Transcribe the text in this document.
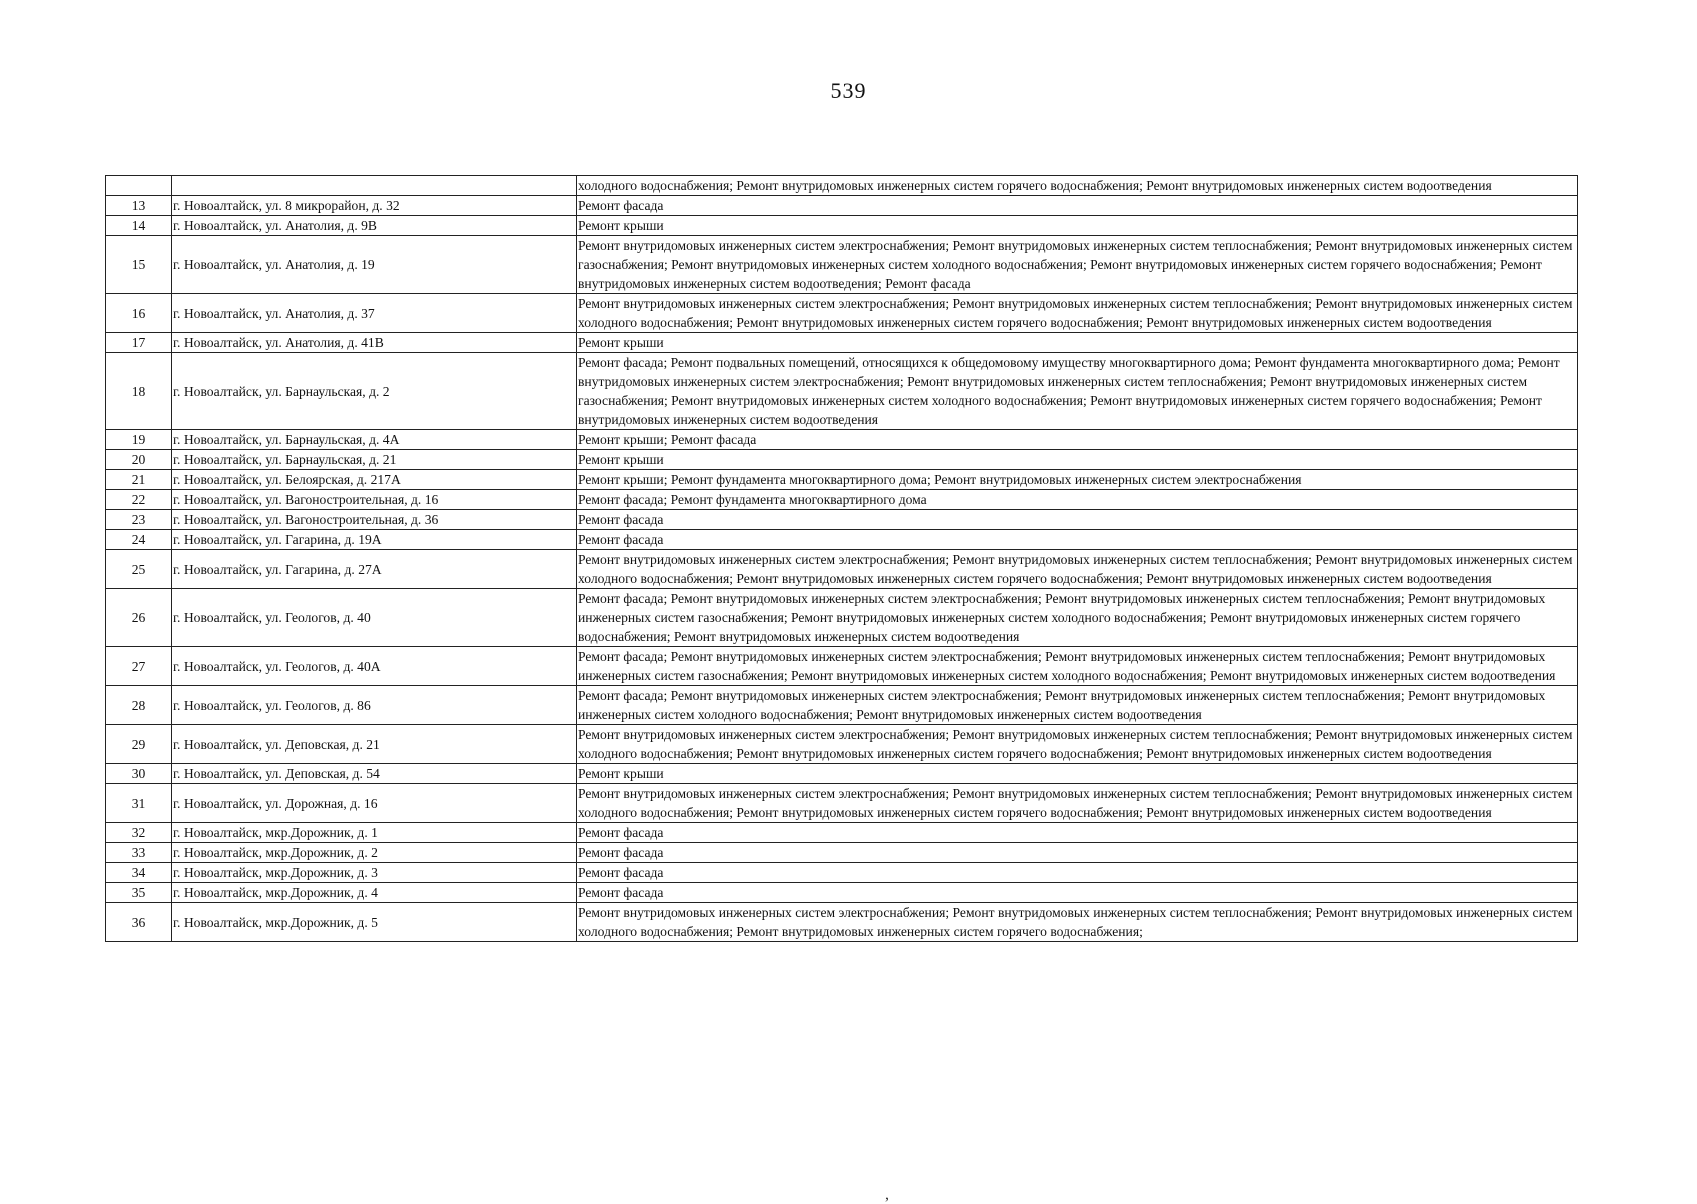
539
		холодного водоснабжения; Ремонт внутридомовых инженерных систем горячего водоснабжения; Ремонт внутридомовых инженерных систем водоотведения
13	г. Новоалтайск, ул. 8 микрорайон, д. 32	Ремонт фасада
14	г. Новоалтайск, ул. Анатолия, д. 9В	Ремонт крыши
15	г. Новоалтайск, ул. Анатолия, д. 19	Ремонт внутридомовых инженерных систем электроснабжения; Ремонт внутридомовых инженерных систем теплоснабжения; Ремонт внутридомовых инженерных систем газоснабжения; Ремонт внутридомовых инженерных систем холодного водоснабжения; Ремонт внутридомовых инженерных систем горячего водоснабжения; Ремонт внутридомовых инженерных систем водоотведения; Ремонт фасада
16	г. Новоалтайск, ул. Анатолия, д. 37	Ремонт внутридомовых инженерных систем электроснабжения; Ремонт внутридомовых инженерных систем теплоснабжения; Ремонт внутридомовых инженерных систем холодного водоснабжения; Ремонт внутридомовых инженерных систем горячего водоснабжения; Ремонт внутридомовых инженерных систем водоотведения
17	г. Новоалтайск, ул. Анатолия, д. 41В	Ремонт крыши
18	г. Новоалтайск, ул. Барнаульская, д. 2	Ремонт фасада; Ремонт подвальных помещений, относящихся к общедомовому имуществу многоквартирного дома; Ремонт фундамента многоквартирного дома; Ремонт внутридомовых инженерных систем электроснабжения; Ремонт внутридомовых инженерных систем теплоснабжения; Ремонт внутридомовых инженерных систем газоснабжения; Ремонт внутридомовых инженерных систем холодного водоснабжения; Ремонт внутридомовых инженерных систем горячего водоснабжения; Ремонт внутридомовых инженерных систем водоотведения
19	г. Новоалтайск, ул. Барнаульская, д. 4А	Ремонт крыши; Ремонт фасада
20	г. Новоалтайск, ул. Барнаульская, д. 21	Ремонт крыши
21	г. Новоалтайск, ул. Белоярская, д. 217А	Ремонт крыши; Ремонт фундамента многоквартирного дома; Ремонт внутридомовых инженерных систем электроснабжения
22	г. Новоалтайск, ул. Вагоностроительная, д. 16	Ремонт фасада; Ремонт фундамента многоквартирного дома
23	г. Новоалтайск, ул. Вагоностроительная, д. 36	Ремонт фасада
24	г. Новоалтайск, ул. Гагарина, д. 19А	Ремонт фасада
25	г. Новоалтайск, ул. Гагарина, д. 27А	Ремонт внутридомовых инженерных систем электроснабжения; Ремонт внутридомовых инженерных систем теплоснабжения; Ремонт внутридомовых инженерных систем холодного водоснабжения; Ремонт внутридомовых инженерных систем горячего водоснабжения; Ремонт внутридомовых инженерных систем водоотведения
26	г. Новоалтайск, ул. Геологов, д. 40	Ремонт фасада; Ремонт внутридомовых инженерных систем электроснабжения; Ремонт внутридомовых инженерных систем теплоснабжения; Ремонт внутридомовых инженерных систем газоснабжения; Ремонт внутридомовых инженерных систем холодного водоснабжения; Ремонт внутридомовых инженерных систем горячего водоснабжения; Ремонт внутридомовых инженерных систем водоотведения
27	г. Новоалтайск, ул. Геологов, д. 40А	Ремонт фасада; Ремонт внутридомовых инженерных систем электроснабжения; Ремонт внутридомовых инженерных систем теплоснабжения; Ремонт внутридомовых инженерных систем газоснабжения; Ремонт внутридомовых инженерных систем холодного водоснабжения; Ремонт внутридомовых инженерных систем водоотведения
28	г. Новоалтайск, ул. Геологов, д. 86	Ремонт фасада; Ремонт внутридомовых инженерных систем электроснабжения; Ремонт внутридомовых инженерных систем теплоснабжения; Ремонт внутридомовых инженерных систем холодного водоснабжения; Ремонт внутридомовых инженерных систем водоотведения
29	г. Новоалтайск, ул. Деповская, д. 21	Ремонт внутридомовых инженерных систем электроснабжения; Ремонт внутридомовых инженерных систем теплоснабжения; Ремонт внутридомовых инженерных систем холодного водоснабжения; Ремонт внутридомовых инженерных систем горячего водоснабжения; Ремонт внутридомовых инженерных систем водоотведения
30	г. Новоалтайск, ул. Деповская, д. 54	Ремонт крыши
31	г. Новоалтайск, ул. Дорожная, д. 16	Ремонт внутридомовых инженерных систем электроснабжения; Ремонт внутридомовых инженерных систем теплоснабжения; Ремонт внутридомовых инженерных систем холодного водоснабжения; Ремонт внутридомовых инженерных систем горячего водоснабжения; Ремонт внутридомовых инженерных систем водоотведения
32	г. Новоалтайск, мкр.Дорожник, д. 1	Ремонт фасада
33	г. Новоалтайск, мкр.Дорожник, д. 2	Ремонт фасада
34	г. Новоалтайск, мкр.Дорожник, д. 3	Ремонт фасада
35	г. Новоалтайск, мкр.Дорожник, д. 4	Ремонт фасада
36	г. Новоалтайск, мкр.Дорожник, д. 5	Ремонт внутридомовых инженерных систем электроснабжения; Ремонт внутридомовых инженерных систем теплоснабжения; Ремонт внутридомовых инженерных систем холодного водоснабжения; Ремонт внутридомовых инженерных систем горячего водоснабжения;
,
